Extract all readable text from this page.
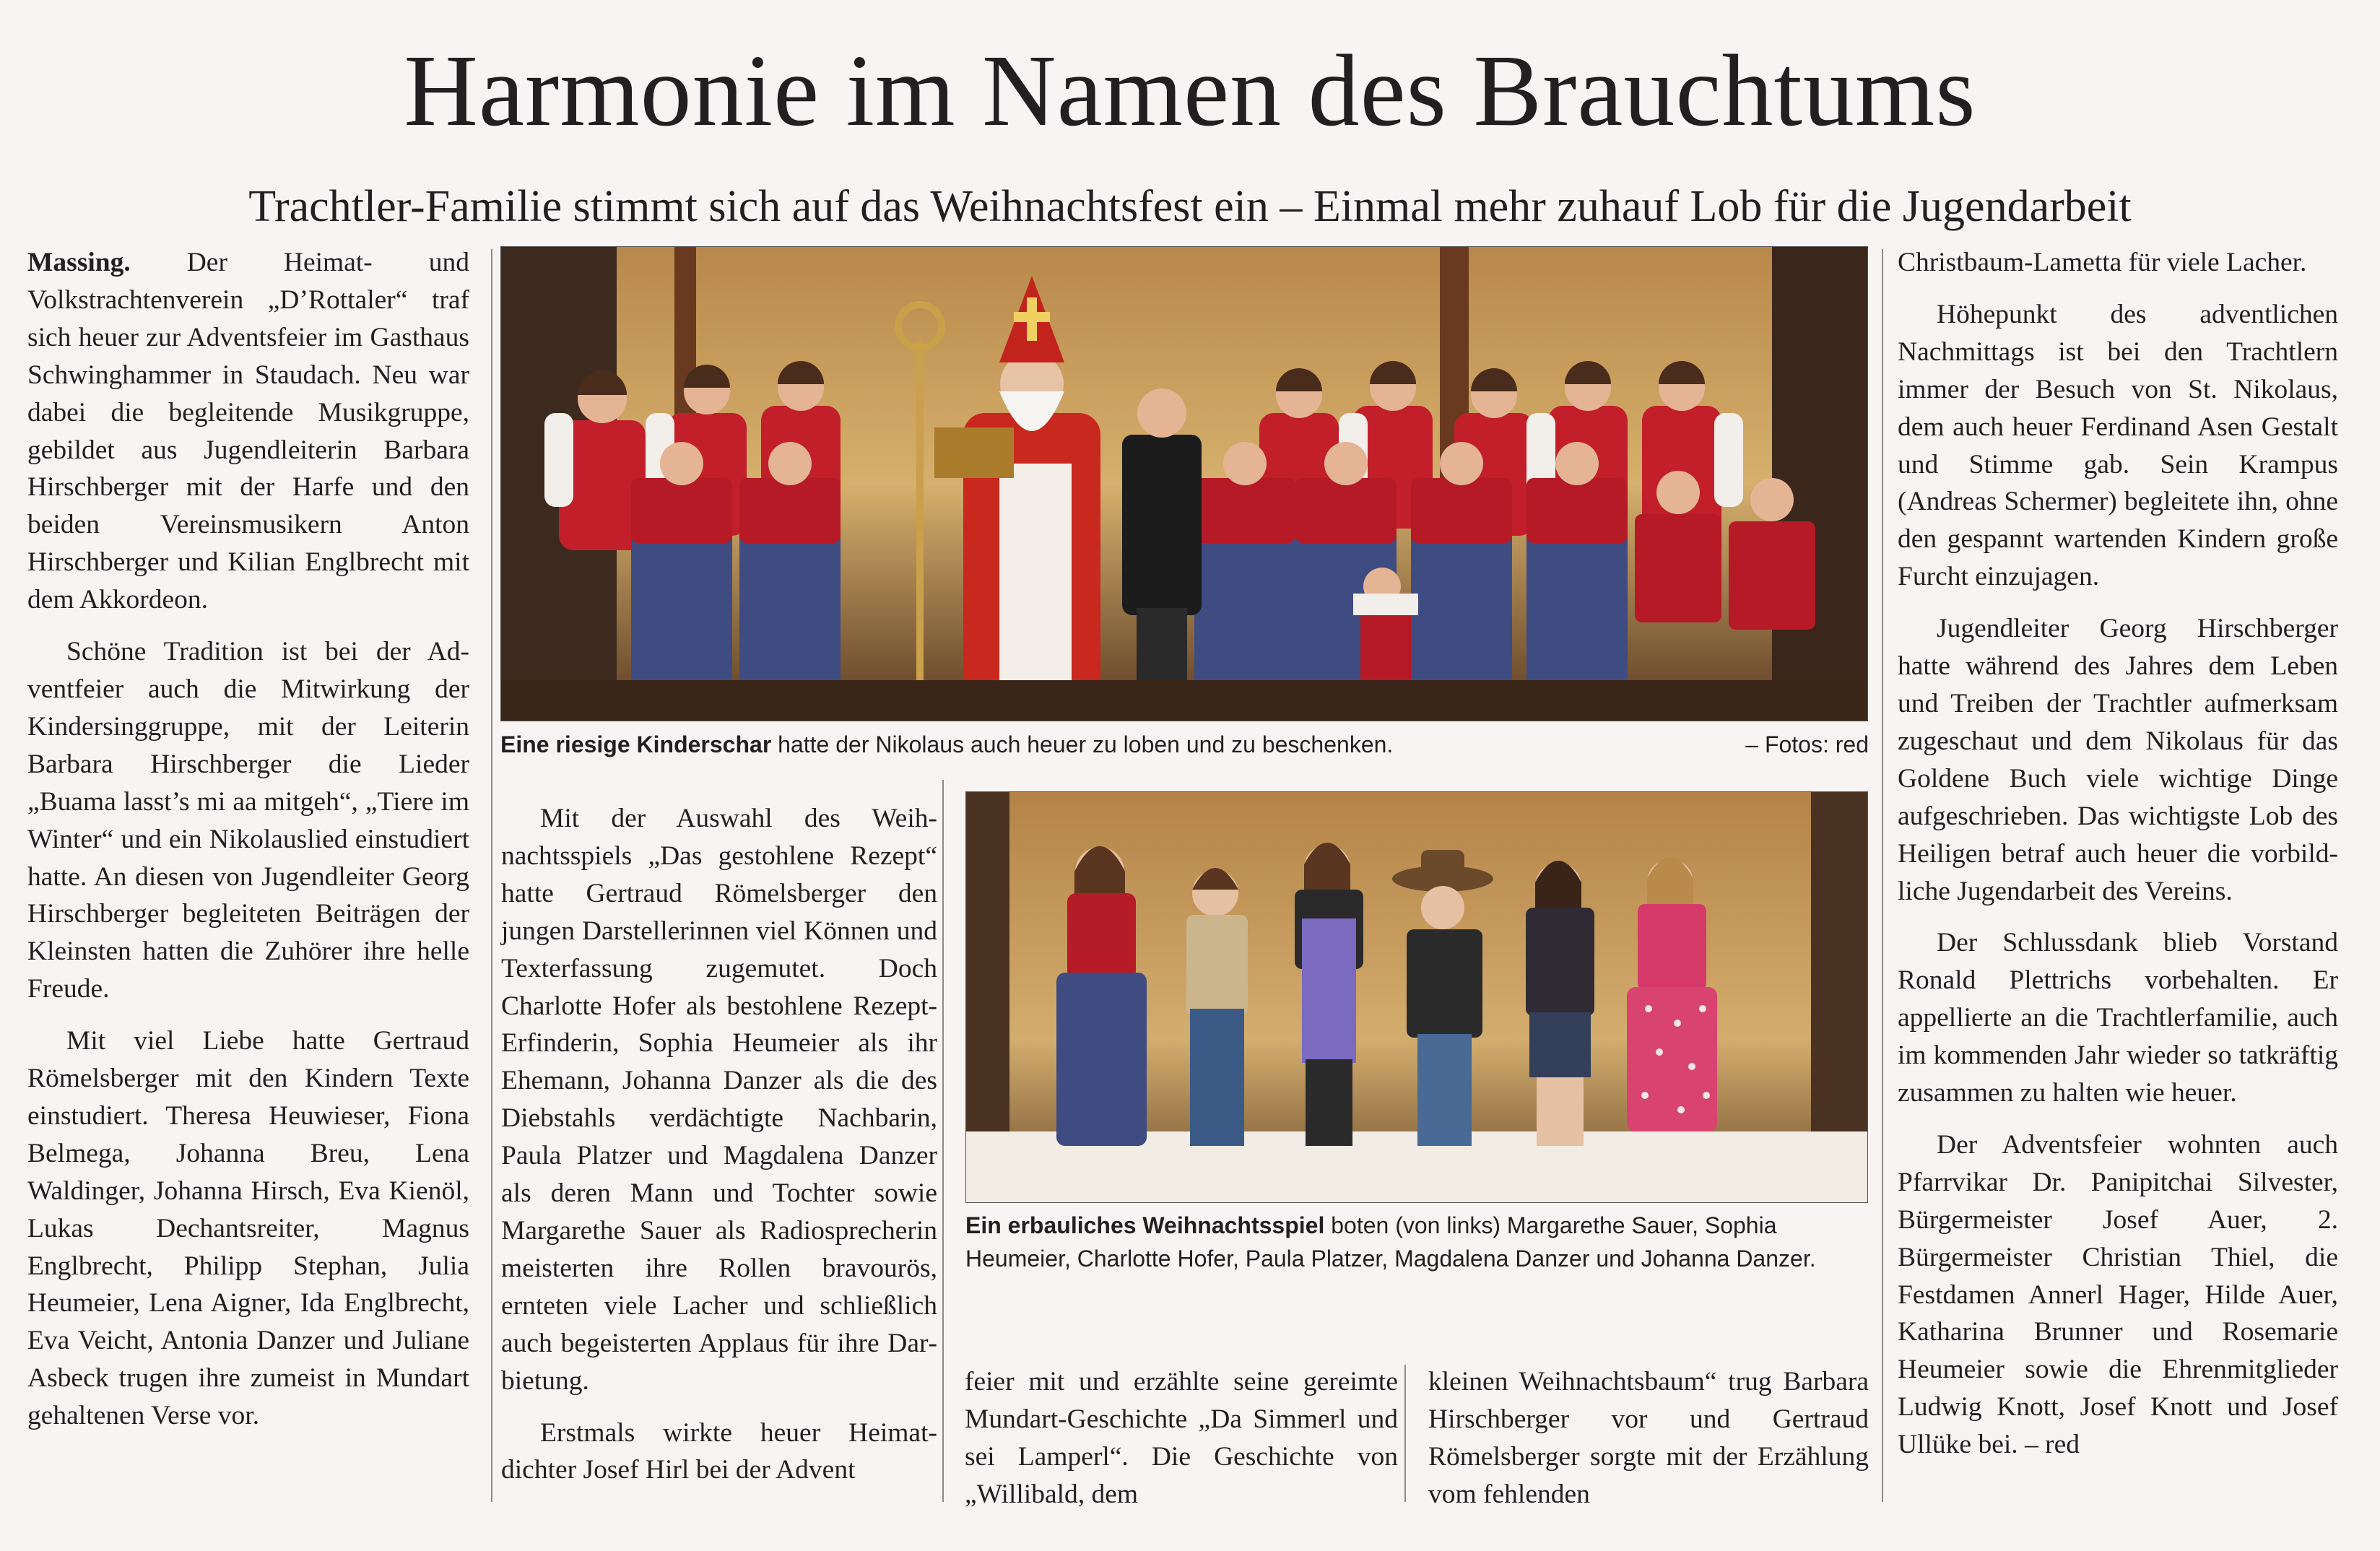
Harmonie im Namen des Brauchtums
Trachtler-Familie stimmt sich auf das Weihnachtsfest ein – Einmal mehr zuhauf Lob für die Jugendarbeit

Massing. Der Heimat- und Volkstrachtenverein „D’Rottaler“ traf sich heuer zur Adventsfeier im Gasthaus Schwinghammer in Staudach. Neu war dabei die begleitende Musikgruppe, gebildet aus Jugendleiterin Barbara Hirschberger mit der Harfe und den beiden Vereinsmusikern Anton Hirschberger und Kilian Englbrecht mit dem Akkordeon.

Schöne Tradition ist bei der Adventfeier auch die Mitwirkung der Kindersinggruppe, mit der Leiterin Barbara Hirschberger die Lieder „Buama lasst’s mi aa mitgeh“, „Tiere im Winter“ und ein Nikolauslied einstudiert hatte. An diesen von Jugendleiter Georg Hirschberger begleiteten Beiträgen der Kleinsten hatten die Zuhörer ihre helle Freude.

Mit viel Liebe hatte Gertraud Römelsberger mit den Kindern Texte einstudiert. Theresa Heuwieser, Fiona Belmega, Johanna Breu, Lena Waldinger, Johanna Hirsch, Eva Kienöl, Lukas Dechantsreiter, Magnus Englbrecht, Philipp Stephan, Julia Heumeier, Lena Aigner, Ida Englbrecht, Eva Veicht, Antonia Danzer und Juliane Asbeck trugen ihre zumeist in Mundart gehaltenen Verse vor.

Eine riesige Kinderschar hatte der Nikolaus auch heuer zu loben und zu beschenken.	– Fotos: red

Mit der Auswahl des Weihnachtsspiels „Das gestohlene Rezept“ hatte Gertraud Römelsberger den jungen Darstellerinnen viel Können und Texterfassung zugemutet. Doch Charlotte Hofer als bestohlene Rezept-Erfinderin, Sophia Heumeier als ihr Ehemann, Johanna Danzer als die des Diebstahls verdächtigte Nachbarin, Paula Platzer und Magdalena Danzer als deren Mann und Tochter sowie Margarethe Sauer als Radiosprecherin meisterten ihre Rollen bravourös, ernteten viele Lacher und schließlich auch begeisterten Applaus für ihre Darbietung.

Erstmals wirkte heuer Heimatdichter Josef Hirl bei der Advent

Ein erbauliches Weihnachtsspiel boten (von links) Margarethe Sauer, Sophia Heumeier, Charlotte Hofer, Paula Platzer, Magdalena Danzer und Johanna Danzer.

feier mit und erzählte seine gereimte Mundart-Geschichte „Da Simmerl und sei Lamperl“. Die Geschichte von „Willibald, dem

kleinen Weihnachtsbaum“ trug Barbara Hirschberger vor und Gertraud Römelsberger sorgte mit der Erzählung vom fehlenden

Christbaum-Lametta für viele Lacher.

Höhepunkt des adventlichen Nachmittags ist bei den Trachtlern immer der Besuch von St. Nikolaus, dem auch heuer Ferdinand Asen Gestalt und Stimme gab. Sein Krampus (Andreas Schermer) begleitete ihn, ohne den gespannt wartenden Kindern große Furcht einzujagen.

Jugendleiter Georg Hirschberger hatte während des Jahres dem Leben und Treiben der Trachtler aufmerksam zugeschaut und dem Nikolaus für das Goldene Buch viele wichtige Dinge aufgeschrieben. Das wichtigste Lob des Heiligen betraf auch heuer die vorbildliche Jugendarbeit des Vereins.

Der Schlussdank blieb Vorstand Ronald Plettrichs vorbehalten. Er appellierte an die Trachtlerfamilie, auch im kommenden Jahr wieder so tatkräftig zusammen zu halten wie heuer.

Der Adventsfeier wohnten auch Pfarrvikar Dr. Panipitchai Silvester, Bürgermeister Josef Auer, 2. Bürgermeister Christian Thiel, die Festdamen Annerl Hager, Hilde Auer, Katharina Brunner und Rosemarie Heumeier sowie die Ehrenmitglieder Ludwig Knott, Josef Knott und Josef Ullüke bei. – red
